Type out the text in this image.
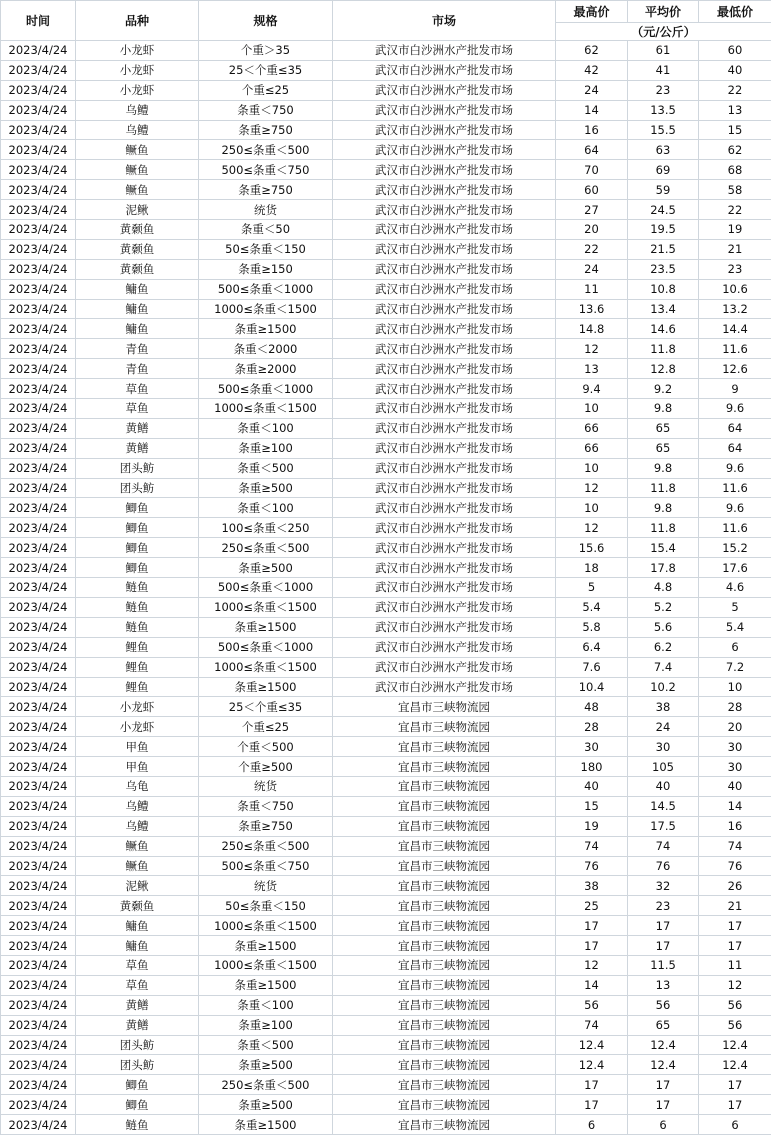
时间	品种	规格	市场	最高价	平均价	最低价
				（元/公斤）		
2023/4/24	小龙虾	个重＞35	武汉市白沙洲水产批发市场	62	61	60
2023/4/24	小龙虾	25＜个重≤35	武汉市白沙洲水产批发市场	42	41	40
2023/4/24	小龙虾	个重≤25	武汉市白沙洲水产批发市场	24	23	22
2023/4/24	乌鳢	条重＜750	武汉市白沙洲水产批发市场	14	13.5	13
2023/4/24	乌鳢	条重≥750	武汉市白沙洲水产批发市场	16	15.5	15
2023/4/24	鳜鱼	250≤条重＜500	武汉市白沙洲水产批发市场	64	63	62
2023/4/24	鳜鱼	500≤条重＜750	武汉市白沙洲水产批发市场	70	69	68
2023/4/24	鳜鱼	条重≥750	武汉市白沙洲水产批发市场	60	59	58
2023/4/24	泥鳅	统货	武汉市白沙洲水产批发市场	27	24.5	22
2023/4/24	黄颡鱼	条重＜50	武汉市白沙洲水产批发市场	20	19.5	19
2023/4/24	黄颡鱼	50≤条重＜150	武汉市白沙洲水产批发市场	22	21.5	21
2023/4/24	黄颡鱼	条重≥150	武汉市白沙洲水产批发市场	24	23.5	23
2023/4/24	鳙鱼	500≤条重＜1000	武汉市白沙洲水产批发市场	11	10.8	10.6
2023/4/24	鳙鱼	1000≤条重＜1500	武汉市白沙洲水产批发市场	13.6	13.4	13.2
2023/4/24	鳙鱼	条重≥1500	武汉市白沙洲水产批发市场	14.8	14.6	14.4
2023/4/24	青鱼	条重＜2000	武汉市白沙洲水产批发市场	12	11.8	11.6
2023/4/24	青鱼	条重≥2000	武汉市白沙洲水产批发市场	13	12.8	12.6
2023/4/24	草鱼	500≤条重＜1000	武汉市白沙洲水产批发市场	9.4	9.2	9
2023/4/24	草鱼	1000≤条重＜1500	武汉市白沙洲水产批发市场	10	9.8	9.6
2023/4/24	黄鳝	条重＜100	武汉市白沙洲水产批发市场	66	65	64
2023/4/24	黄鳝	条重≥100	武汉市白沙洲水产批发市场	66	65	64
2023/4/24	团头鲂	条重＜500	武汉市白沙洲水产批发市场	10	9.8	9.6
2023/4/24	团头鲂	条重≥500	武汉市白沙洲水产批发市场	12	11.8	11.6
2023/4/24	鲫鱼	条重＜100	武汉市白沙洲水产批发市场	10	9.8	9.6
2023/4/24	鲫鱼	100≤条重＜250	武汉市白沙洲水产批发市场	12	11.8	11.6
2023/4/24	鲫鱼	250≤条重＜500	武汉市白沙洲水产批发市场	15.6	15.4	15.2
2023/4/24	鲫鱼	条重≥500	武汉市白沙洲水产批发市场	18	17.8	17.6
2023/4/24	鲢鱼	500≤条重＜1000	武汉市白沙洲水产批发市场	5	4.8	4.6
2023/4/24	鲢鱼	1000≤条重＜1500	武汉市白沙洲水产批发市场	5.4	5.2	5
2023/4/24	鲢鱼	条重≥1500	武汉市白沙洲水产批发市场	5.8	5.6	5.4
2023/4/24	鲤鱼	500≤条重＜1000	武汉市白沙洲水产批发市场	6.4	6.2	6
2023/4/24	鲤鱼	1000≤条重＜1500	武汉市白沙洲水产批发市场	7.6	7.4	7.2
2023/4/24	鲤鱼	条重≥1500	武汉市白沙洲水产批发市场	10.4	10.2	10
2023/4/24	小龙虾	25＜个重≤35	宜昌市三峡物流园	48	38	28
2023/4/24	小龙虾	个重≤25	宜昌市三峡物流园	28	24	20
2023/4/24	甲鱼	个重＜500	宜昌市三峡物流园	30	30	30
2023/4/24	甲鱼	个重≥500	宜昌市三峡物流园	180	105	30
2023/4/24	乌龟	统货	宜昌市三峡物流园	40	40	40
2023/4/24	乌鳢	条重＜750	宜昌市三峡物流园	15	14.5	14
2023/4/24	乌鳢	条重≥750	宜昌市三峡物流园	19	17.5	16
2023/4/24	鳜鱼	250≤条重＜500	宜昌市三峡物流园	74	74	74
2023/4/24	鳜鱼	500≤条重＜750	宜昌市三峡物流园	76	76	76
2023/4/24	泥鳅	统货	宜昌市三峡物流园	38	32	26
2023/4/24	黄颡鱼	50≤条重＜150	宜昌市三峡物流园	25	23	21
2023/4/24	鳙鱼	1000≤条重＜1500	宜昌市三峡物流园	17	17	17
2023/4/24	鳙鱼	条重≥1500	宜昌市三峡物流园	17	17	17
2023/4/24	草鱼	1000≤条重＜1500	宜昌市三峡物流园	12	11.5	11
2023/4/24	草鱼	条重≥1500	宜昌市三峡物流园	14	13	12
2023/4/24	黄鳝	条重＜100	宜昌市三峡物流园	56	56	56
2023/4/24	黄鳝	条重≥100	宜昌市三峡物流园	74	65	56
2023/4/24	团头鲂	条重＜500	宜昌市三峡物流园	12.4	12.4	12.4
2023/4/24	团头鲂	条重≥500	宜昌市三峡物流园	12.4	12.4	12.4
2023/4/24	鲫鱼	250≤条重＜500	宜昌市三峡物流园	17	17	17
2023/4/24	鲫鱼	条重≥500	宜昌市三峡物流园	17	17	17
2023/4/24	鲢鱼	条重≥1500	宜昌市三峡物流园	6	6	6
